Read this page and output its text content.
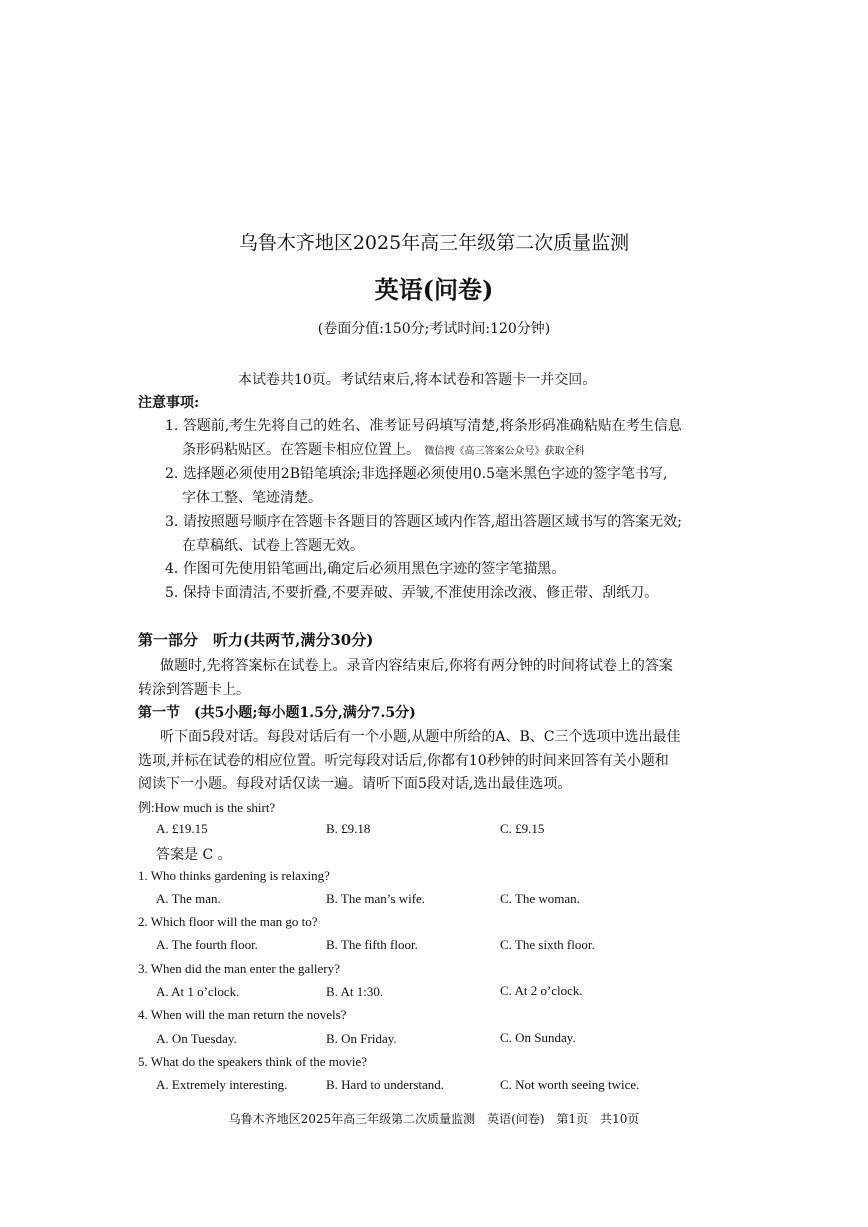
乌鲁木齐地区2025年高三年级第二次质量监测
英语(问卷)
(卷面分值:150分;考试时间:120分钟)
本试卷共10页。考试结束后,将本试卷和答题卡一并交回。
注意事项:
1. 答题前,考生先将自己的姓名、准考证号码填写清楚,将条形码准确粘贴在考生信息
条形码粘贴区。在答题卡相应位置上。 微信搜《高三答案公众号》获取全科
2. 选择题必须使用2B铅笔填涂;非选择题必须使用0.5毫米黑色字迹的签字笔书写,
字体工整、笔迹清楚。
3. 请按照题号顺序在答题卡各题目的答题区域内作答,超出答题区域书写的答案无效;
在草稿纸、试卷上答题无效。
4. 作图可先使用铅笔画出,确定后必须用黑色字迹的签字笔描黑。
5. 保持卡面清洁,不要折叠,不要弄破、弄皱,不准使用涂改液、修正带、刮纸刀。
第一部分　听力(共两节,满分30分)
做题时,先将答案标在试卷上。录音内容结束后,你将有两分钟的时间将试卷上的答案
转涂到答题卡上。
第一节　(共5小题;每小题1.5分,满分7.5分)
听下面5段对话。每段对话后有一个小题,从题中所给的A、B、C三个选项中选出最佳
选项,并标在试卷的相应位置。听完每段对话后,你都有10秒钟的时间来回答有关小题和
阅读下一小题。每段对话仅读一遍。请听下面5段对话,选出最佳选项。
例:How much is the shirt?
A. £19.15	B. £9.18	C. £9.15
答案是 C 。
1. Who thinks gardening is relaxing?
A. The man.	B. The man’s wife.	C. The woman.
2. Which floor will the man go to?
A. The fourth floor.	B. The fifth floor.	C. The sixth floor.
3. When did the man enter the gallery?
A. At 1 o’clock.	B. At 1:30.	C. At 2 o’clock.
4. When will the man return the novels?
A. On Tuesday.	B. On Friday.	C. On Sunday.
5. What do the speakers think of the movie?
A. Extremely interesting.	B. Hard to understand.	C. Not worth seeing twice.
乌鲁木齐地区2025年高三年级第二次质量监测　英语(问卷)　第1页　共10页
